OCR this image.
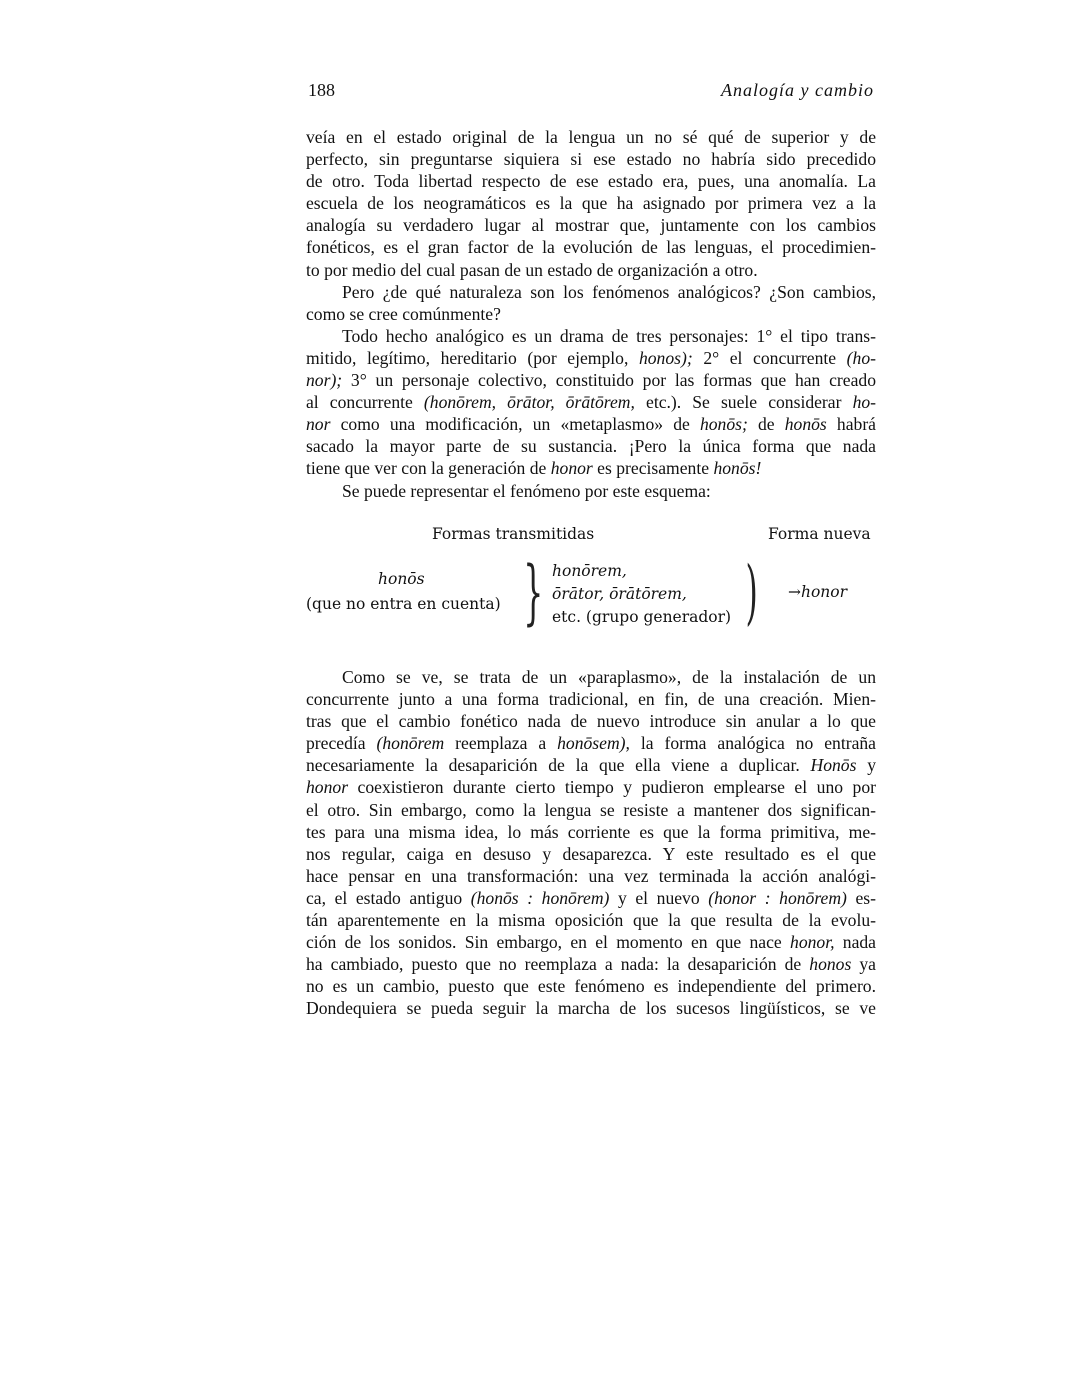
188	Analogía y cambio
veía en el estado original de la lengua un no sé qué de superior y de
perfecto, sin preguntarse siquiera si ese estado no habría sido precedido
de otro. Toda libertad respecto de ese estado era, pues, una anomalía. La
escuela de los neogramáticos es la que ha asignado por primera vez a la
analogía su verdadero lugar al mostrar que, juntamente con los cambios
fonéticos, es el gran factor de la evolución de las lenguas, el procedimien-
to por medio del cual pasan de un estado de organización a otro.
Pero ¿de qué naturaleza son los fenómenos analógicos? ¿Son cambios,
como se cree comúnmente?
Todo hecho analógico es un drama de tres personajes: 1° el tipo trans-
mitido, legítimo, hereditario (por ejemplo, honos); 2° el concurrente (ho-
nor); 3° un personaje colectivo, constituido por las formas que han creado
al concurrente (honōrem, ōrātor, ōrātōrem, etc.). Se suele considerar ho-
nor como una modificación, un «metaplasmo» de honōs; de honōs habrá
sacado la mayor parte de su sustancia. ¡Pero la única forma que nada
tiene que ver con la generación de honor es precisamente honōs!
Se puede representar el fenómeno por este esquema:
Formas transmitidas	Forma nueva
honōs
(que no entra en cuenta) } honōrem,
ōrātor, ōrātōrem,
etc. (grupo generador) ) →honor
Como se ve, se trata de un «paraplasmo», de la instalación de un
concurrente junto a una forma tradicional, en fin, de una creación. Mien-
tras que el cambio fonético nada de nuevo introduce sin anular a lo que
precedía (honōrem reemplaza a honōsem), la forma analógica no entraña
necesariamente la desaparición de la que ella viene a duplicar. Honōs y
honor coexistieron durante cierto tiempo y pudieron emplearse el uno por
el otro. Sin embargo, como la lengua se resiste a mantener dos significan-
tes para una misma idea, lo más corriente es que la forma primitiva, me-
nos regular, caiga en desuso y desaparezca. Y este resultado es el que
hace pensar en una transformación: una vez terminada la acción analógi-
ca, el estado antiguo (honōs : honōrem) y el nuevo (honor : honōrem) es-
tán aparentemente en la misma oposición que la que resulta de la evolu-
ción de los sonidos. Sin embargo, en el momento en que nace honor, nada
ha cambiado, puesto que no reemplaza a nada: la desaparición de honos ya
no es un cambio, puesto que este fenómeno es independiente del primero.
Dondequiera se pueda seguir la marcha de los sucesos lingüísticos, se ve
